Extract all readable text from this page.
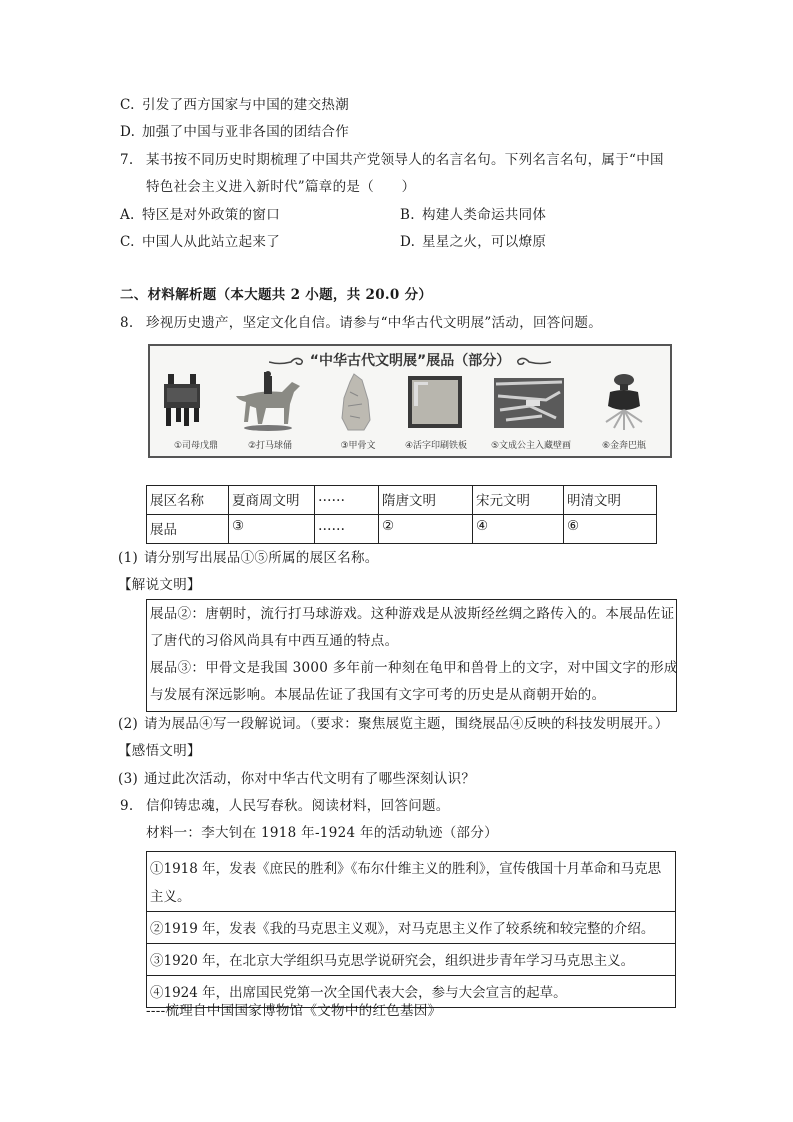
C. 引发了西方国家与中国的建交热潮
D. 加强了中国与亚非各国的团结合作
7. 某书按不同历史时期梳理了中国共产党领导人的名言名句。下列名言名句，属于“中国
特色社会主义进入新时代”篇章的是（　　）
A. 特区是对外政策的窗口	B. 构建人类命运共同体
C. 中国人从此站立起来了	D. 星星之火，可以燎原
二、材料解析题（本大题共 2 小题，共 20.0 分）
8. 珍视历史遗产，坚定文化自信。请参与“中华古代文明展”活动，回答问题。
“中华古代文明展”展品（部分）
①司母戊鼎	②打马球俑	③甲骨文	④活字印刷铁板	⑤文成公主入藏壁画	⑥金奔巴瓶
展区名称	夏商周文明	……	隋唐文明	宋元文明	明清文明
展品	③	……	②	④	⑥
(1) 请分别写出展品①⑤所属的展区名称。
【解说文明】
展品②：唐朝时，流行打马球游戏。这种游戏是从波斯经丝绸之路传入的。本展品佐证
了唐代的习俗风尚具有中西互通的特点。
展品③：甲骨文是我国 3000 多年前一种刻在龟甲和兽骨上的文字，对中国文字的形成
与发展有深远影响。本展品佐证了我国有文字可考的历史是从商朝开始的。
(2) 请为展品④写一段解说词。（要求：聚焦展览主题，围绕展品④反映的科技发明展开。）
【感悟文明】
(3) 通过此次活动，你对中华古代文明有了哪些深刻认识？
9. 信仰铸忠魂，人民写春秋。阅读材料，回答问题。
材料一：李大钊在 1918 年-1924 年的活动轨迹（部分）
①1918 年，发表《庶民的胜利》《布尔什维主义的胜利》，宣传俄国十月革命和马克思主义。
②1919 年，发表《我的马克思主义观》，对马克思主义作了较系统和较完整的介绍。
③1920 年，在北京大学组织马克思学说研究会，组织进步青年学习马克思主义。
④1924 年，出席国民党第一次全国代表大会，参与大会宣言的起草。
----梳理自中国国家博物馆《文物中的红色基因》
